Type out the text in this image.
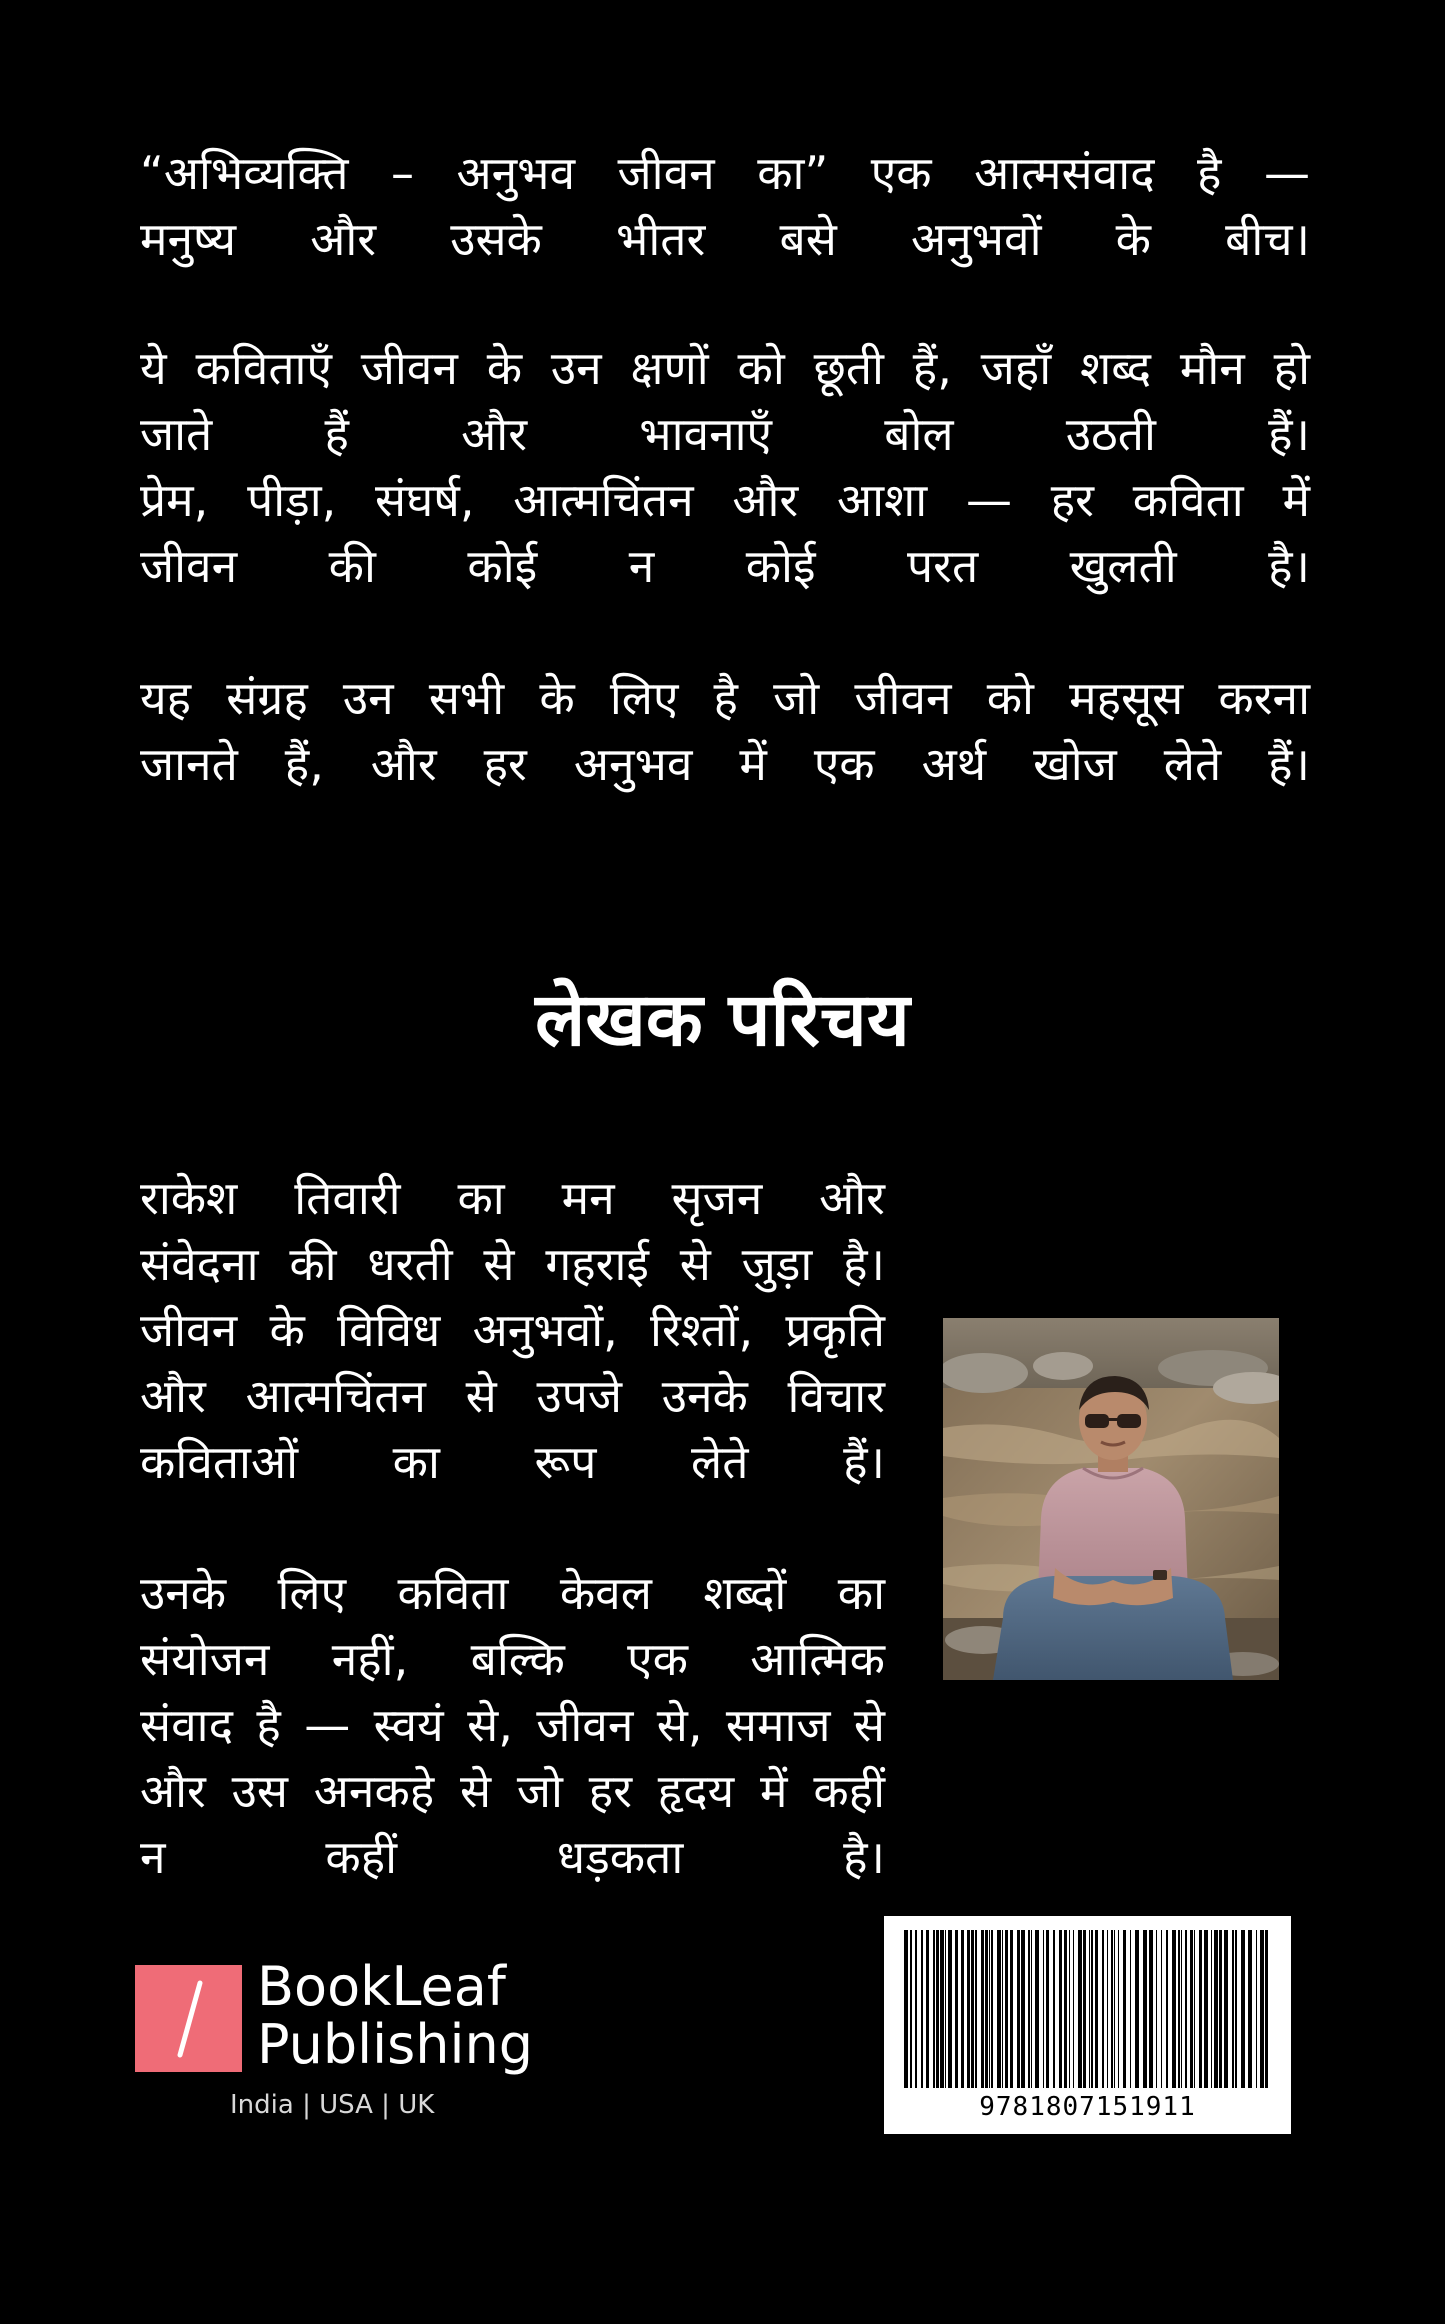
“अभिव्यक्ति – अनुभव जीवन का” एक आत्मसंवाद है —
मनुष्य और उसके भीतर बसे अनुभवों के बीच।
ये कविताएँ जीवन के उन क्षणों को छूती हैं, जहाँ शब्द मौन हो
जाते हैं और भावनाएँ बोल उठती हैं।
प्रेम, पीड़ा, संघर्ष, आत्मचिंतन और आशा — हर कविता में
जीवन की कोई न कोई परत खुलती है।
यह संग्रह उन सभी के लिए है जो जीवन को महसूस करना
जानते हैं, और हर अनुभव में एक अर्थ खोज लेते हैं।
लेखक परिचय
राकेश तिवारी का मन सृजन और
संवेदना की धरती से गहराई से जुड़ा है।
जीवन के विविध अनुभवों, रिश्तों, प्रकृति
और आत्मचिंतन से उपजे उनके विचार
कविताओं का रूप लेते हैं।
उनके लिए कविता केवल शब्दों का
संयोजन नहीं, बल्कि एक आत्मिक
संवाद है — स्वयं से, जीवन से, समाज से
और उस अनकहे से जो हर हृदय में कहीं
न कहीं धड़कता है।
BookLeaf
Publishing
India | USA | UK	9781807151911
